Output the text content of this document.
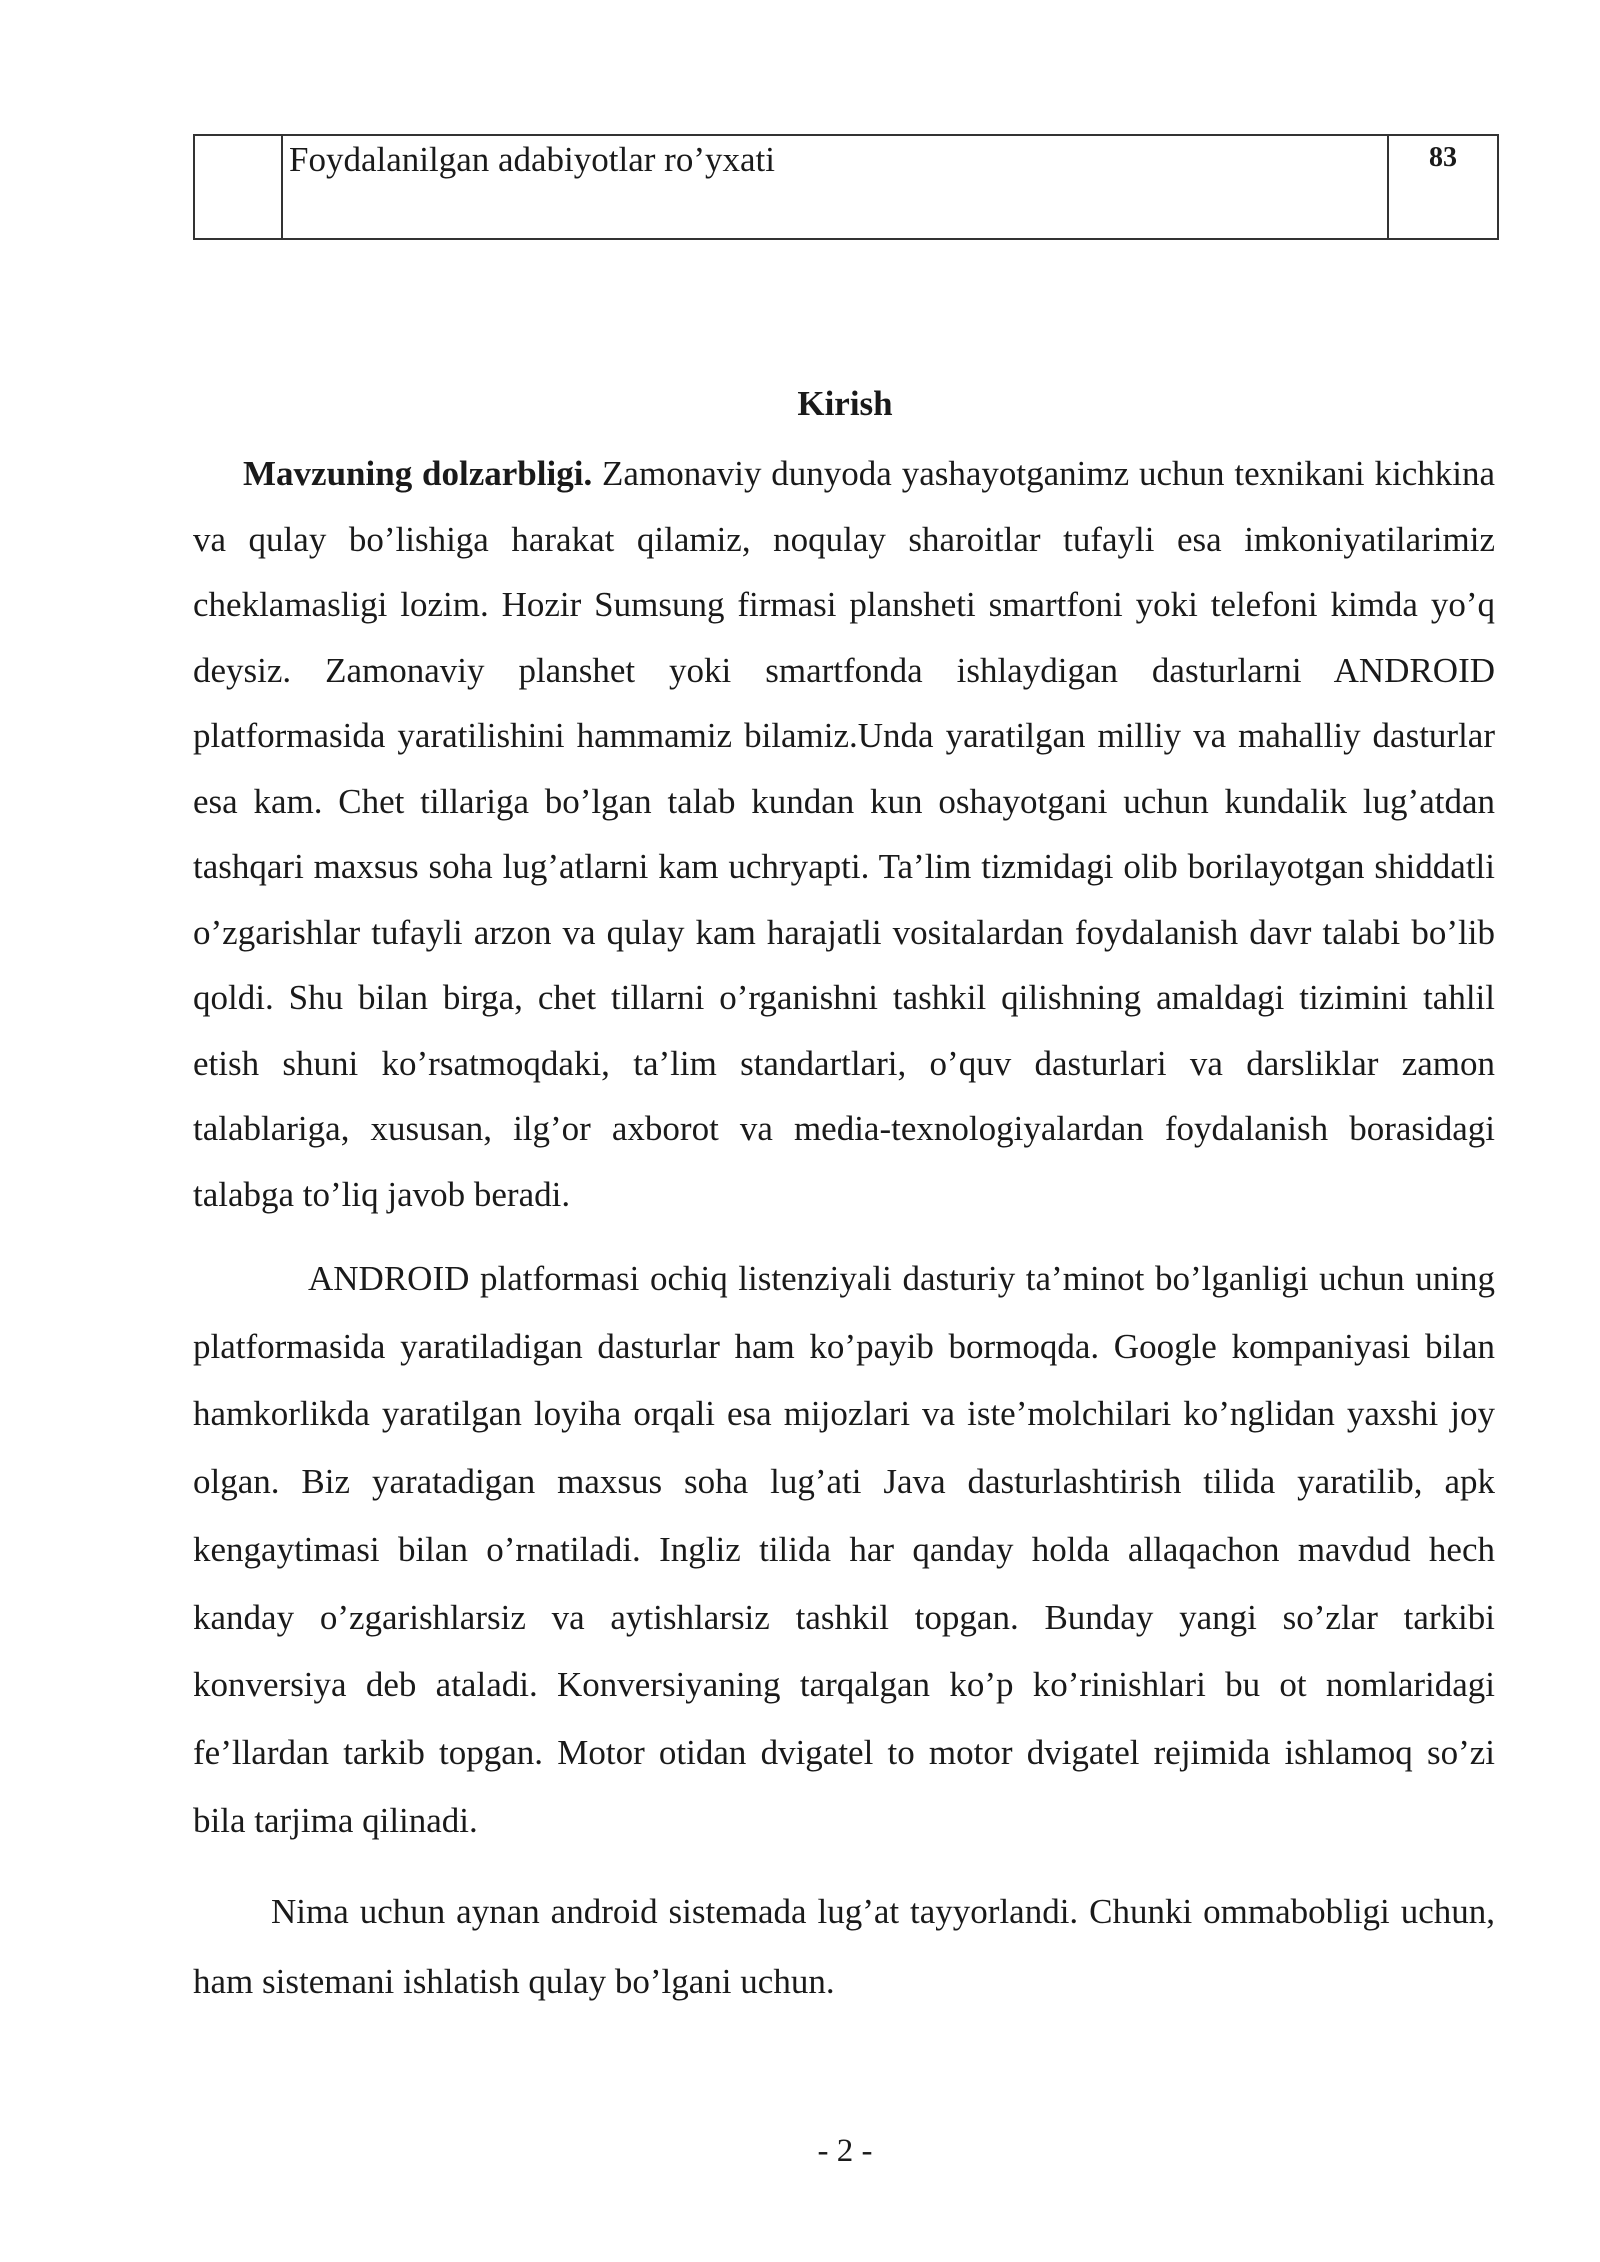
	Foydalanilgan adabiyotlar ro’yxati	83
Kirish

Mavzuning dolzarbligi. Zamonaviy dunyoda yashayotganimz uchun texnikani kichkina va qulay bo’lishiga harakat qilamiz, noqulay sharoitlar tufayli esa imkoniyatilarimiz cheklamasligi lozim. Hozir Sumsung firmasi plansheti smartfoni yoki telefoni kimda yo’q deysiz. Zamonaviy planshet yoki smartfonda ishlaydigan dasturlarni ANDROID platformasida yaratilishini hammamiz bilamiz.Unda yaratilgan milliy va mahalliy dasturlar esa kam. Chet tillariga bo’lgan talab kundan kun oshayotgani uchun kundalik lug’atdan tashqari maxsus soha lug’atlarni kam uchryapti. Ta’lim tizmidagi olib borilayotgan shiddatli o’zgarishlar tufayli arzon va qulay kam harajatli vositalardan foydalanish davr talabi bo’lib qoldi. Shu bilan birga, chet tillarni o’rganishni tashkil qilishning amaldagi tizimini tahlil etish shuni ko’rsatmoqdaki, ta’lim standartlari, o’quv dasturlari va darsliklar zamon talablariga, xususan, ilg’or axborot va media-texnologiyalardan foydalanish borasidagi talabga to’liq javob beradi.

ANDROID platformasi ochiq listenziyali dasturiy ta’minot bo’lganligi uchun uning platformasida yaratiladigan dasturlar ham ko’payib bormoqda. Google kompaniyasi bilan hamkorlikda yaratilgan loyiha orqali esa mijozlari va iste’molchilari ko’nglidan yaxshi joy olgan. Biz yaratadigan maxsus soha lug’ati Java dasturlashtirish tilida yaratilib, apk kengaytimasi bilan o’rnatiladi. Ingliz tilida har qanday holda allaqachon mavdud hech kanday o’zgarishlarsiz va aytishlarsiz tashkil topgan. Bunday yangi so’zlar tarkibi konversiya deb ataladi. Konversiyaning tarqalgan ko’p ko’rinishlari bu ot nomlaridagi fe’llardan tarkib topgan. Motor otidan dvigatel to motor dvigatel rejimida ishlamoq so’zi bila tarjima qilinadi.

Nima uchun aynan android sistemada lug’at tayyorlandi. Chunki ommabobligi uchun, ham sistemani ishlatish qulay bo’lgani uchun.

- 2 -
